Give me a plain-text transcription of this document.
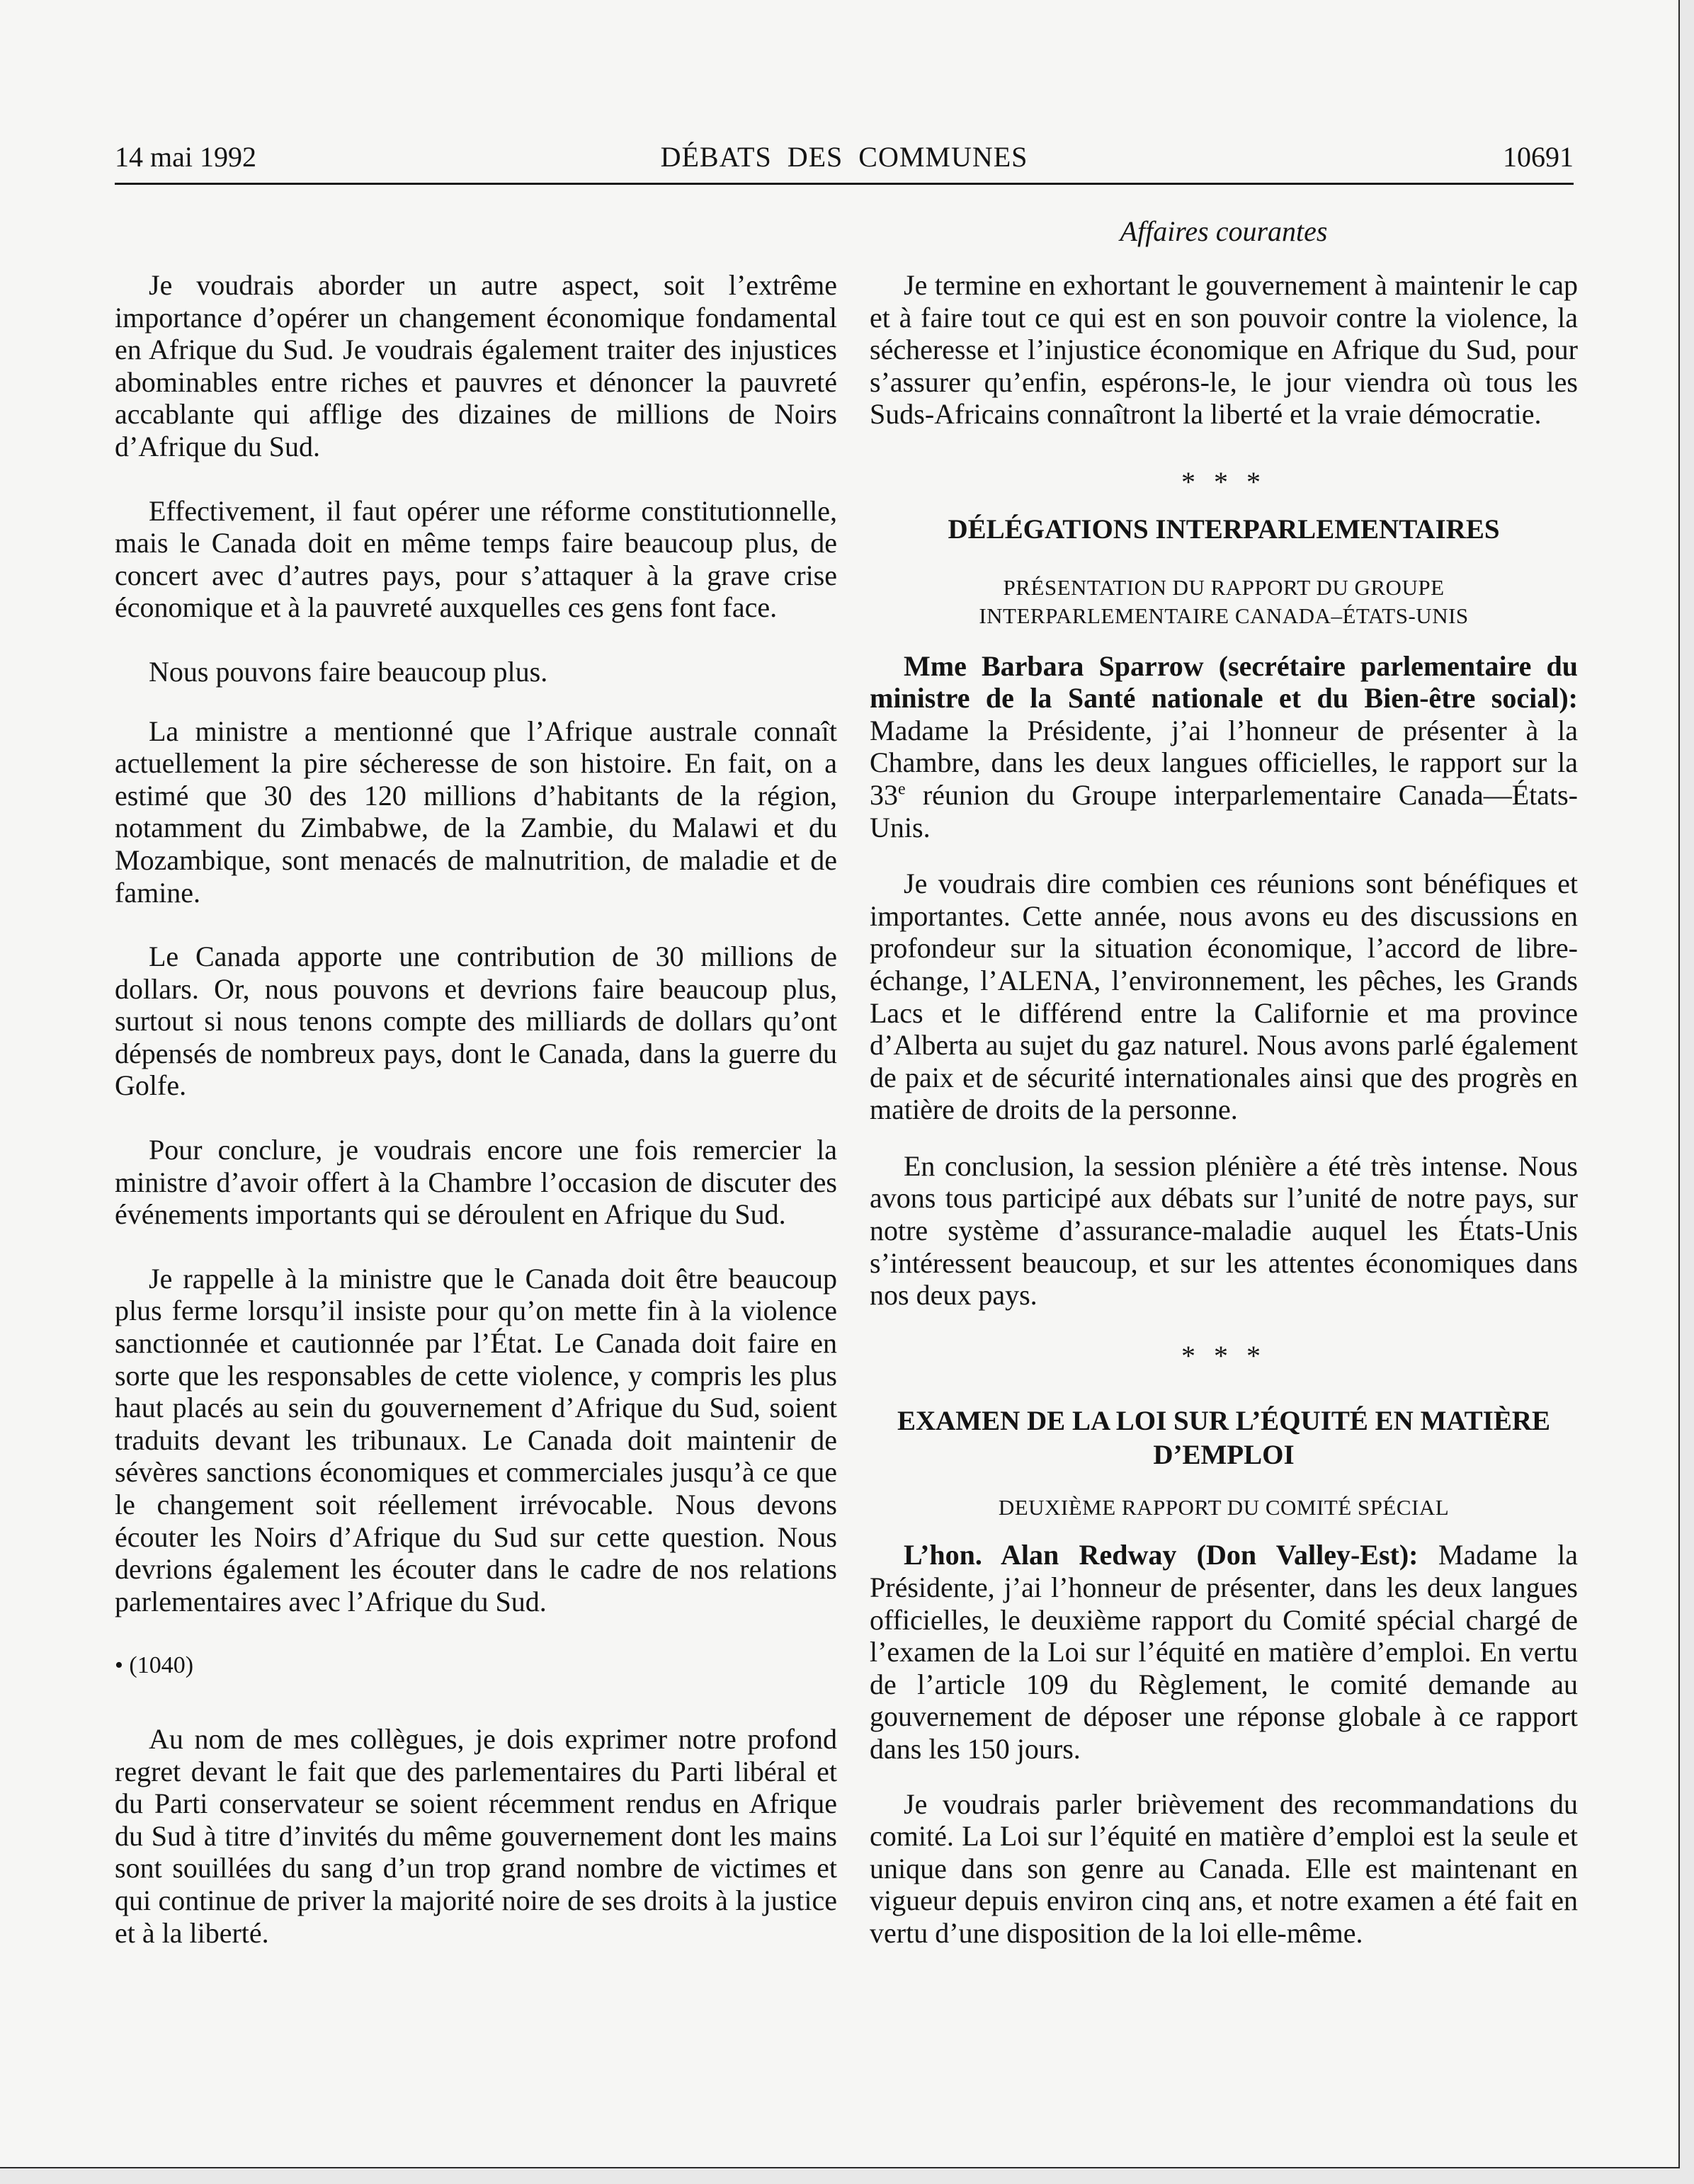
14 mai 1992	DÉBATS  DES  COMMUNES	10691
Affaires courantes

Je voudrais aborder un autre aspect, soit l’extrême importance d’opérer un changement économique fondamental en Afrique du Sud. Je voudrais également traiter des injustices abominables entre riches et pauvres et dénoncer la pauvreté accablante qui afflige des dizaines de millions de Noirs d’Afrique du Sud.

Effectivement, il faut opérer une réforme constitutionnelle, mais le Canada doit en même temps faire beaucoup plus, de concert avec d’autres pays, pour s’attaquer à la grave crise économique et à la pauvreté auxquelles ces gens font face.

Nous pouvons faire beaucoup plus.

La ministre a mentionné que l’Afrique australe connaît actuellement la pire sécheresse de son histoire. En fait, on a estimé que 30 des 120 millions d’habitants de la région, notamment du Zimbabwe, de la Zambie, du Malawi et du Mozambique, sont menacés de malnutrition, de maladie et de famine.

Le Canada apporte une contribution de 30 millions de dollars. Or, nous pouvons et devrions faire beaucoup plus, surtout si nous tenons compte des milliards de dollars qu’ont dépensés de nombreux pays, dont le Canada, dans la guerre du Golfe.

Pour conclure, je voudrais encore une fois remercier la ministre d’avoir offert à la Chambre l’occasion de discuter des événements importants qui se déroulent en Afrique du Sud.

Je rappelle à la ministre que le Canada doit être beaucoup plus ferme lorsqu’il insiste pour qu’on mette fin à la violence sanctionnée et cautionnée par l’État. Le Canada doit faire en sorte que les responsables de cette violence, y compris les plus haut placés au sein du gouvernement d’Afrique du Sud, soient traduits devant les tribunaux. Le Canada doit maintenir de sévères sanctions économiques et commerciales jusqu’à ce que le changement soit réellement irrévocable. Nous devons écouter les Noirs d’Afrique du Sud sur cette question. Nous devrions également les écouter dans le cadre de nos relations parlementaires avec l’Afrique du Sud.

• (1040)

Au nom de mes collègues, je dois exprimer notre profond regret devant le fait que des parlementaires du Parti libéral et du Parti conservateur se soient récemment rendus en Afrique du Sud à titre d’invités du même gouvernement dont les mains sont souillées du sang d’un trop grand nombre de victimes et qui continue de priver la majorité noire de ses droits à la justice et à la liberté.

Je termine en exhortant le gouvernement à maintenir le cap et à faire tout ce qui est en son pouvoir contre la violence, la sécheresse et l’injustice économique en Afrique du Sud, pour s’assurer qu’enfin, espérons-le, le jour viendra où tous les Suds-Africains connaîtront la liberté et la vraie démocratie.

* * *

DÉLÉGATIONS INTERPARLEMENTAIRES

PRÉSENTATION DU RAPPORT DU GROUPE

INTERPARLEMENTAIRE CANADA–ÉTATS-UNIS

Mme Barbara Sparrow (secrétaire parlementaire du ministre de la Santé nationale et du Bien-être social): Madame la Présidente, j’ai l’honneur de présenter à la Chambre, dans les deux langues officielles, le rapport sur la 33e réunion du Groupe interparlementaire Canada—États-Unis.

Je voudrais dire combien ces réunions sont bénéfiques et importantes. Cette année, nous avons eu des discussions en profondeur sur la situation économique, l’accord de libre-échange, l’ALENA, l’environnement, les pêches, les Grands Lacs et le différend entre la Californie et ma province d’Alberta au sujet du gaz naturel. Nous avons parlé également de paix et de sécurité internationales ainsi que des progrès en matière de droits de la personne.

En conclusion, la session plénière a été très intense. Nous avons tous participé aux débats sur l’unité de notre pays, sur notre système d’assurance-maladie auquel les États-Unis s’intéressent beaucoup, et sur les attentes économiques dans nos deux pays.

* * *

EXAMEN DE LA LOI SUR L’ÉQUITÉ EN MATIÈRE

D’EMPLOI

DEUXIÈME RAPPORT DU COMITÉ SPÉCIAL

L’hon. Alan Redway (Don Valley-Est): Madame la Présidente, j’ai l’honneur de présenter, dans les deux langues officielles, le deuxième rapport du Comité spécial chargé de l’examen de la Loi sur l’équité en matière d’emploi. En vertu de l’article 109 du Règlement, le comité demande au gouvernement de déposer une réponse globale à ce rapport dans les 150 jours.

Je voudrais parler brièvement des recommandations du comité. La Loi sur l’équité en matière d’emploi est la seule et unique dans son genre au Canada. Elle est maintenant en vigueur depuis environ cinq ans, et notre examen a été fait en vertu d’une disposition de la loi elle-même.
